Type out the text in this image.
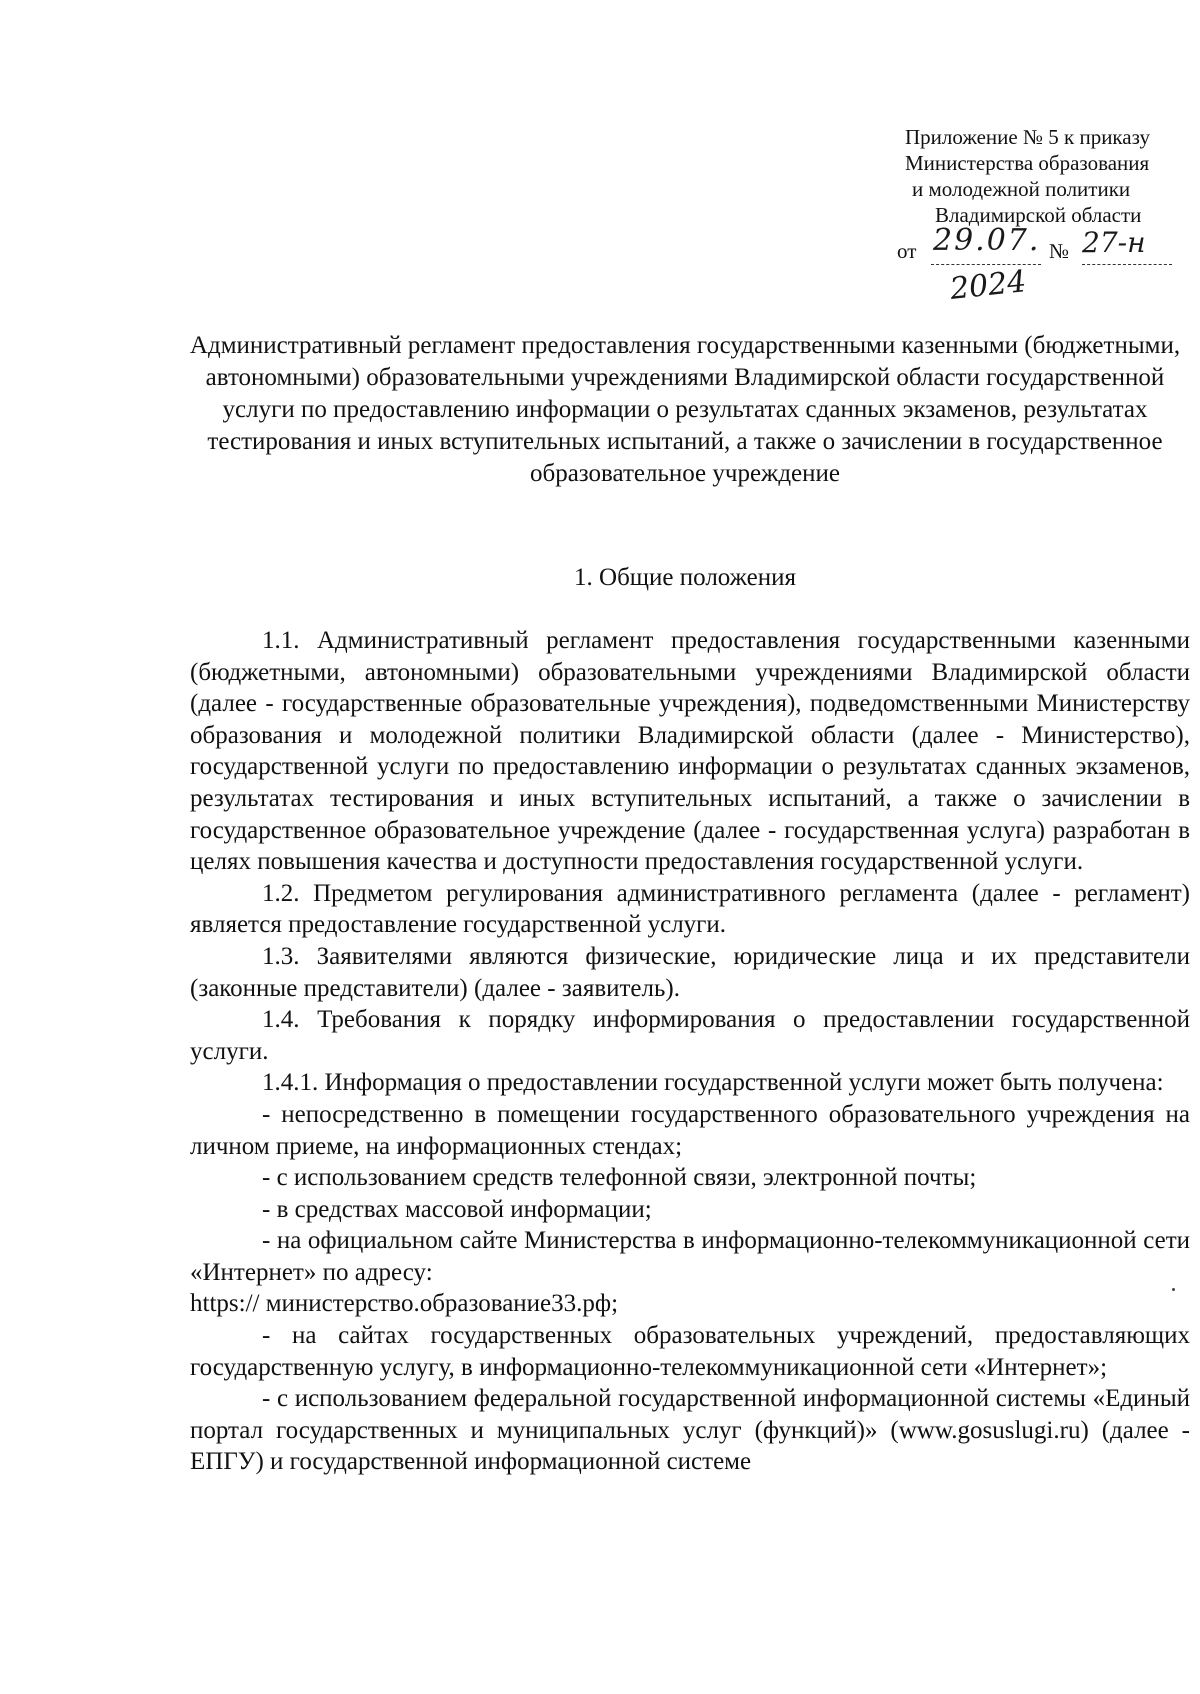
Приложение № 5 к приказу
Министерства образования
и молодежной политики
Владимирской области
от 29.07. № 27-н
2024
Административный регламент предоставления государственными казенными (бюджетными, автономными) образовательными учреждениями Владимирской области государственной услуги по предоставлению информации о результатах сданных экзаменов, результатах тестирования и иных вступительных испытаний, а также о зачислении в государственное образовательное учреждение
1. Общие положения

1.1. Административный регламент предоставления государственными казенными (бюджетными, автономными) образовательными учреждениями Владимирской области (далее - государственные образовательные учреждения), подведомственными Министерству образования и молодежной политики Владимирской области (далее - Министерство), государственной услуги по предоставлению информации о результатах сданных экзаменов, результатах тестирования и иных вступительных испытаний, а также о зачислении в государственное образовательное учреждение (далее - государственная услуга) разработан в целях повышения качества и доступности предоставления государственной услуги.

1.2. Предметом регулирования административного регламента (далее - регламент) является предоставление государственной услуги.

1.3. Заявителями являются физические, юридические лица и их представители (законные представители) (далее - заявитель).

1.4. Требования к порядку информирования о предоставлении государственной услуги.

1.4.1. Информация о предоставлении государственной услуги может быть получена:

- непосредственно в помещении государственного образовательного учреждения на личном приеме, на информационных стендах;

- с использованием средств телефонной связи, электронной почты;

- в средствах массовой информации;

- на официальном сайте Министерства в информационно-телекоммуникационной сети «Интернет» по адресу:

https:// министерство.образование33.рф;

- на сайтах государственных образовательных учреждений, предоставляющих государственную услугу, в информационно-телекоммуникационной сети «Интернет»;

- с использованием федеральной государственной информационной системы «Единый портал государственных и муниципальных услуг (функций)» (www.gosuslugi.ru) (далее - ЕПГУ) и государственной информационной системе
